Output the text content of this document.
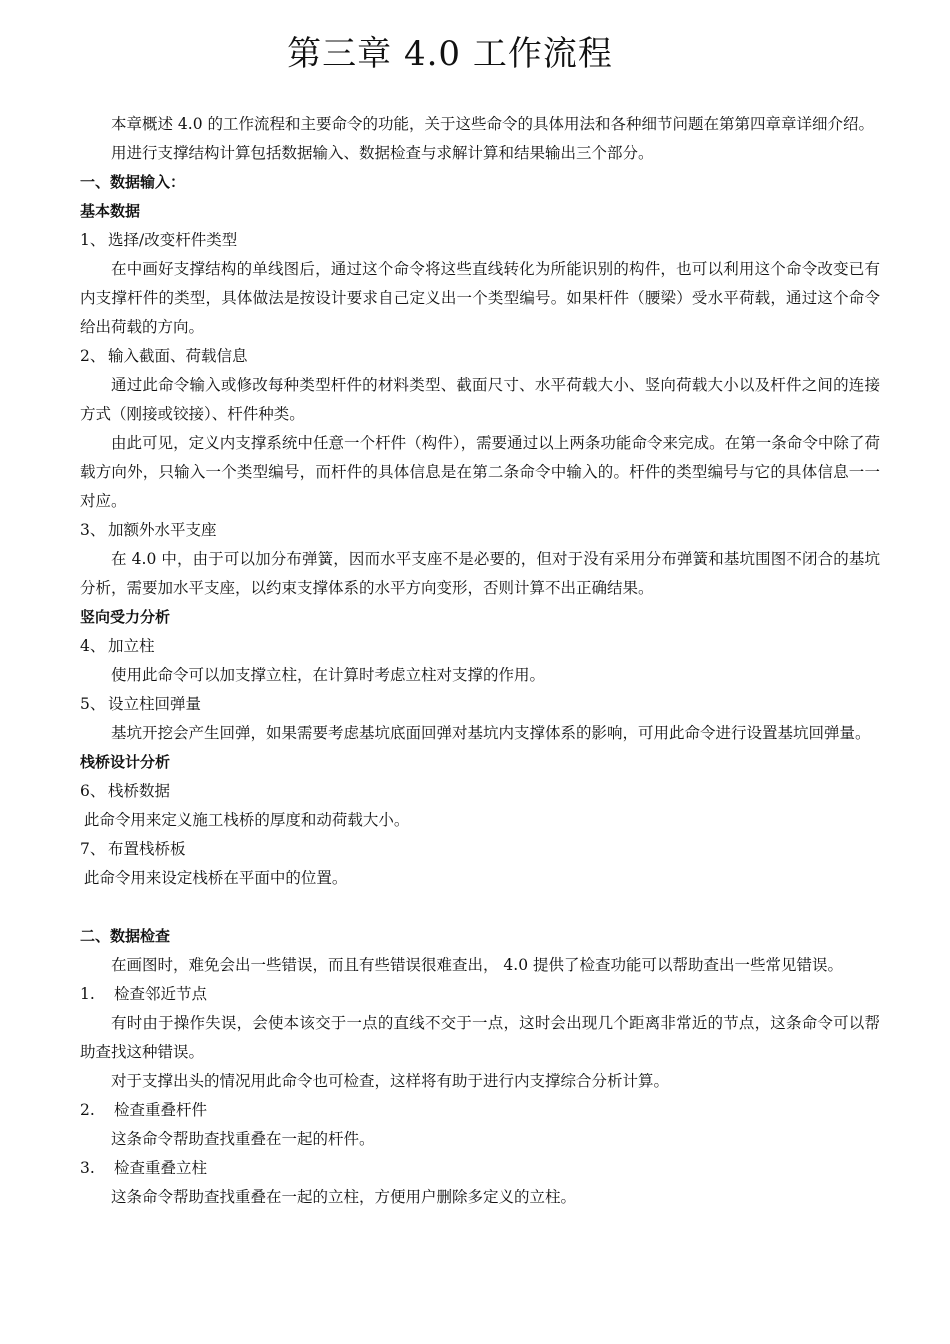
第三章 4.0 工作流程

本章概述 4.0 的工作流程和主要命令的功能，关于这些命令的具体用法和各种细节问题在第第四章章详细介绍。

用进行支撑结构计算包括数据输入、数据检查与求解计算和结果输出三个部分。

一、数据输入：

基本数据

1、 选择/改变杆件类型

在中画好支撑结构的单线图后，通过这个命令将这些直线转化为所能识别的构件，也可以利用这个命令改变已有内支撑杆件的类型，具体做法是按设计要求自己定义出一个类型编号。如果杆件（腰梁）受水平荷载，通过这个命令给出荷载的方向。

2、 输入截面、荷载信息

通过此命令输入或修改每种类型杆件的材料类型、截面尺寸、水平荷载大小、竖向荷载大小以及杆件之间的连接方式（刚接或铰接）、杆件种类。

由此可见，定义内支撑系统中任意一个杆件（构件），需要通过以上两条功能命令来完成。在第一条命令中除了荷载方向外，只输入一个类型编号，而杆件的具体信息是在第二条命令中输入的。杆件的类型编号与它的具体信息一一对应。

3、 加额外水平支座

在 4.0 中，由于可以加分布弹簧，因而水平支座不是必要的，但对于没有采用分布弹簧和基坑围图不闭合的基坑分析，需要加水平支座，以约束支撑体系的水平方向变形，否则计算不出正确结果。

竖向受力分析

4、 加立柱

使用此命令可以加支撑立柱，在计算时考虑立柱对支撑的作用。

5、 设立柱回弹量

基坑开挖会产生回弹，如果需要考虑基坑底面回弹对基坑内支撑体系的影响，可用此命令进行设置基坑回弹量。

栈桥设计分析

6、 栈桥数据

此命令用来定义施工栈桥的厚度和动荷载大小。

7、 布置栈桥板

此命令用来设定栈桥在平面中的位置。

二、数据检查

在画图时，难免会出一些错误，而且有些错误很难查出， 4.0 提供了检查功能可以帮助查出一些常见错误。

1. 检查邻近节点

有时由于操作失误，会使本该交于一点的直线不交于一点，这时会出现几个距离非常近的节点，这条命令可以帮助查找这种错误。

对于支撑出头的情况用此命令也可检查，这样将有助于进行内支撑综合分析计算。

2. 检查重叠杆件

这条命令帮助查找重叠在一起的杆件。

3. 检查重叠立柱

这条命令帮助查找重叠在一起的立柱，方便用户删除多定义的立柱。
